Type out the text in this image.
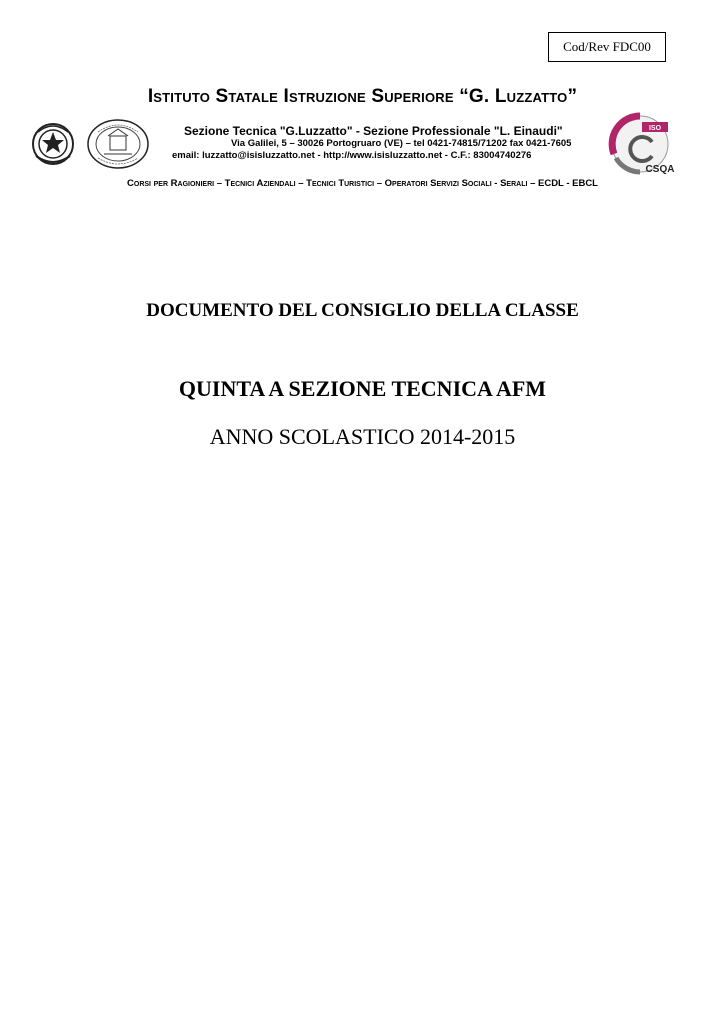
Cod/Rev FDC00
Istituto Statale Istruzione Superiore “G. Luzzatto”
Sezione Tecnica "G.Luzzatto" - Sezione Professionale "L. Einaudi"
Via Galilei, 5 – 30026 Portogruaro (VE) – tel 0421-74815/71202 fax 0421-7605
email: luzzatto@isisluzzatto.net - http://www.isisluzzatto.net - C.F.: 83004740276
ISO
CSQA
Corsi per Ragionieri – Tecnici Aziendali – Tecnici Turistici – Operatori Servizi Sociali - Serali – ECDL - EBCL
DOCUMENTO DEL CONSIGLIO DELLA CLASSE
QUINTA A SEZIONE TECNICA AFM
ANNO SCOLASTICO 2014-2015
